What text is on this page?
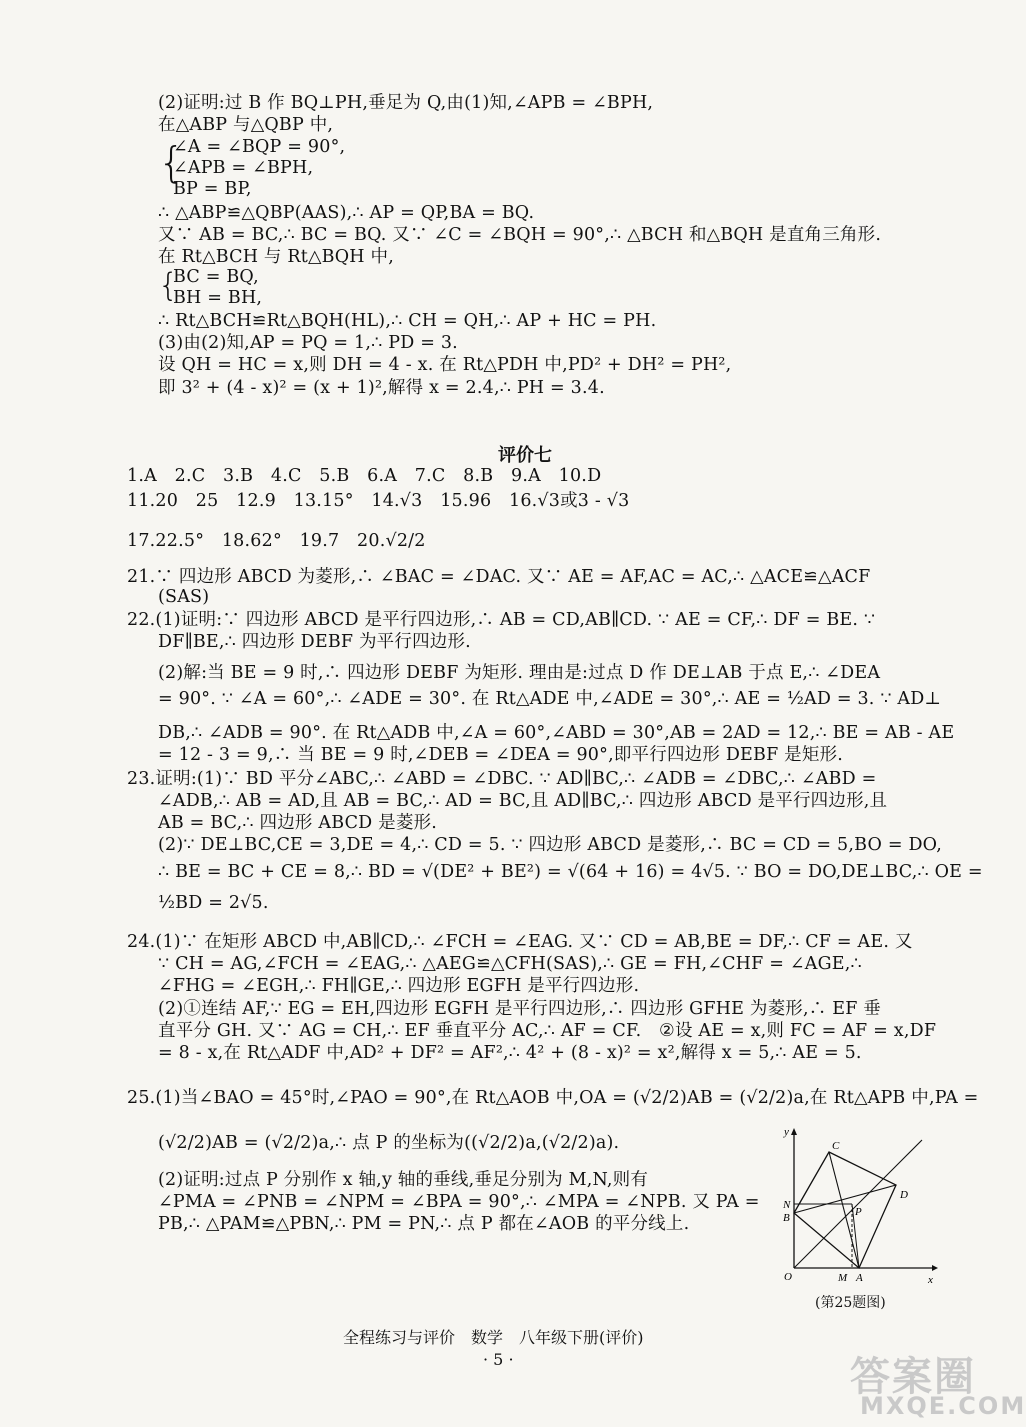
(2)证明:过 B 作 BQ⊥PH,垂足为 Q,由(1)知,∠APB = ∠BPH,
在△ABP 与△QBP 中,
{
∠A = ∠BQP = 90°,
∠APB = ∠BPH,
BP = BP,
∴ △ABP≌△QBP(AAS),∴ AP = QP,BA = BQ.
又∵ AB = BC,∴ BC = BQ. 又∵ ∠C = ∠BQH = 90°,∴ △BCH 和△BQH 是直角三角形.
在 Rt△BCH 与 Rt△BQH 中,
{
BC = BQ,
BH = BH,
∴ Rt△BCH≌Rt△BQH(HL),∴ CH = QH,∴ AP + HC = PH.
(3)由(2)知,AP = PQ = 1,∴ PD = 3.
设 QH = HC = x,则 DH = 4 - x. 在 Rt△PDH 中,PD² + DH² = PH²,
即 3² + (4 - x)² = (x + 1)²,解得 x = 2.4,∴ PH = 3.4.
评价七
1.A　2.C　3.B　4.C　5.B　6.A　7.C　8.B　9.A　10.D
11.20　25　12.9　13.15°　14.√3　15.96　16.√3或3 - √3
17.22.5°　18.62°　19.7　20.√2/2
21.∵ 四边形 ABCD 为菱形,∴ ∠BAC = ∠DAC. 又∵ AE = AF,AC = AC,∴ △ACE≌△ACF
(SAS)
22.(1)证明:∵ 四边形 ABCD 是平行四边形,∴ AB = CD,AB∥CD. ∵ AE = CF,∴ DF = BE. ∵
DF∥BE,∴ 四边形 DEBF 为平行四边形.
(2)解:当 BE = 9 时,∴ 四边形 DEBF 为矩形. 理由是:过点 D 作 DE⊥AB 于点 E,∴ ∠DEA
= 90°. ∵ ∠A = 60°,∴ ∠ADE = 30°. 在 Rt△ADE 中,∠ADE = 30°,∴ AE = ½AD = 3. ∵ AD⊥
DB,∴ ∠ADB = 90°. 在 Rt△ADB 中,∠A = 60°,∠ABD = 30°,AB = 2AD = 12,∴ BE = AB - AE
= 12 - 3 = 9,∴ 当 BE = 9 时,∠DEB = ∠DEA = 90°,即平行四边形 DEBF 是矩形.
23.证明:(1)∵ BD 平分∠ABC,∴ ∠ABD = ∠DBC. ∵ AD∥BC,∴ ∠ADB = ∠DBC,∴ ∠ABD =
∠ADB,∴ AB = AD,且 AB = BC,∴ AD = BC,且 AD∥BC,∴ 四边形 ABCD 是平行四边形,且
AB = BC,∴ 四边形 ABCD 是菱形.
(2)∵ DE⊥BC,CE = 3,DE = 4,∴ CD = 5. ∵ 四边形 ABCD 是菱形,∴ BC = CD = 5,BO = DO,
∴ BE = BC + CE = 8,∴ BD = √(DE² + BE²) = √(64 + 16) = 4√5. ∵ BO = DO,DE⊥BC,∴ OE =
½BD = 2√5.
24.(1)∵ 在矩形 ABCD 中,AB∥CD,∴ ∠FCH = ∠EAG. 又∵ CD = AB,BE = DF,∴ CF = AE. 又
∵ CH = AG,∠FCH = ∠EAG,∴ △AEG≌△CFH(SAS),∴ GE = FH,∠CHF = ∠AGE,∴
∠FHG = ∠EGH,∴ FH∥GE,∴ 四边形 EGFH 是平行四边形.
(2)①连结 AF,∵ EG = EH,四边形 EGFH 是平行四边形,∴ 四边形 GFHE 为菱形,∴ EF 垂
直平分 GH. 又∵ AG = CH,∴ EF 垂直平分 AC,∴ AF = CF.　②设 AE = x,则 FC = AF = x,DF
= 8 - x,在 Rt△ADF 中,AD² + DF² = AF²,∴ 4² + (8 - x)² = x²,解得 x = 5,∴ AE = 5.
25.(1)当∠BAO = 45°时,∠PAO = 90°,在 Rt△AOB 中,OA = (√2/2)AB = (√2/2)a,在 Rt△APB 中,PA =
(√2/2)AB = (√2/2)a,∴ 点 P 的坐标为((√2/2)a,(√2/2)a).
(2)证明:过点 P 分别作 x 轴,y 轴的垂线,垂足分别为 M,N,则有
∠PMA = ∠PNB = ∠NPM = ∠BPA = 90°,∴ ∠MPA = ∠NPB. 又 PA =
PB,∴ △PAM≌△PBN,∴ PM = PN,∴ 点 P 都在∠AOB 的平分线上.
y
x
O
B
N
C
D
P
M A
(第25题图)
全程练习与评价　数学　八年级下册(评价)
· 5 ·	答案圈
MXQE.COM
